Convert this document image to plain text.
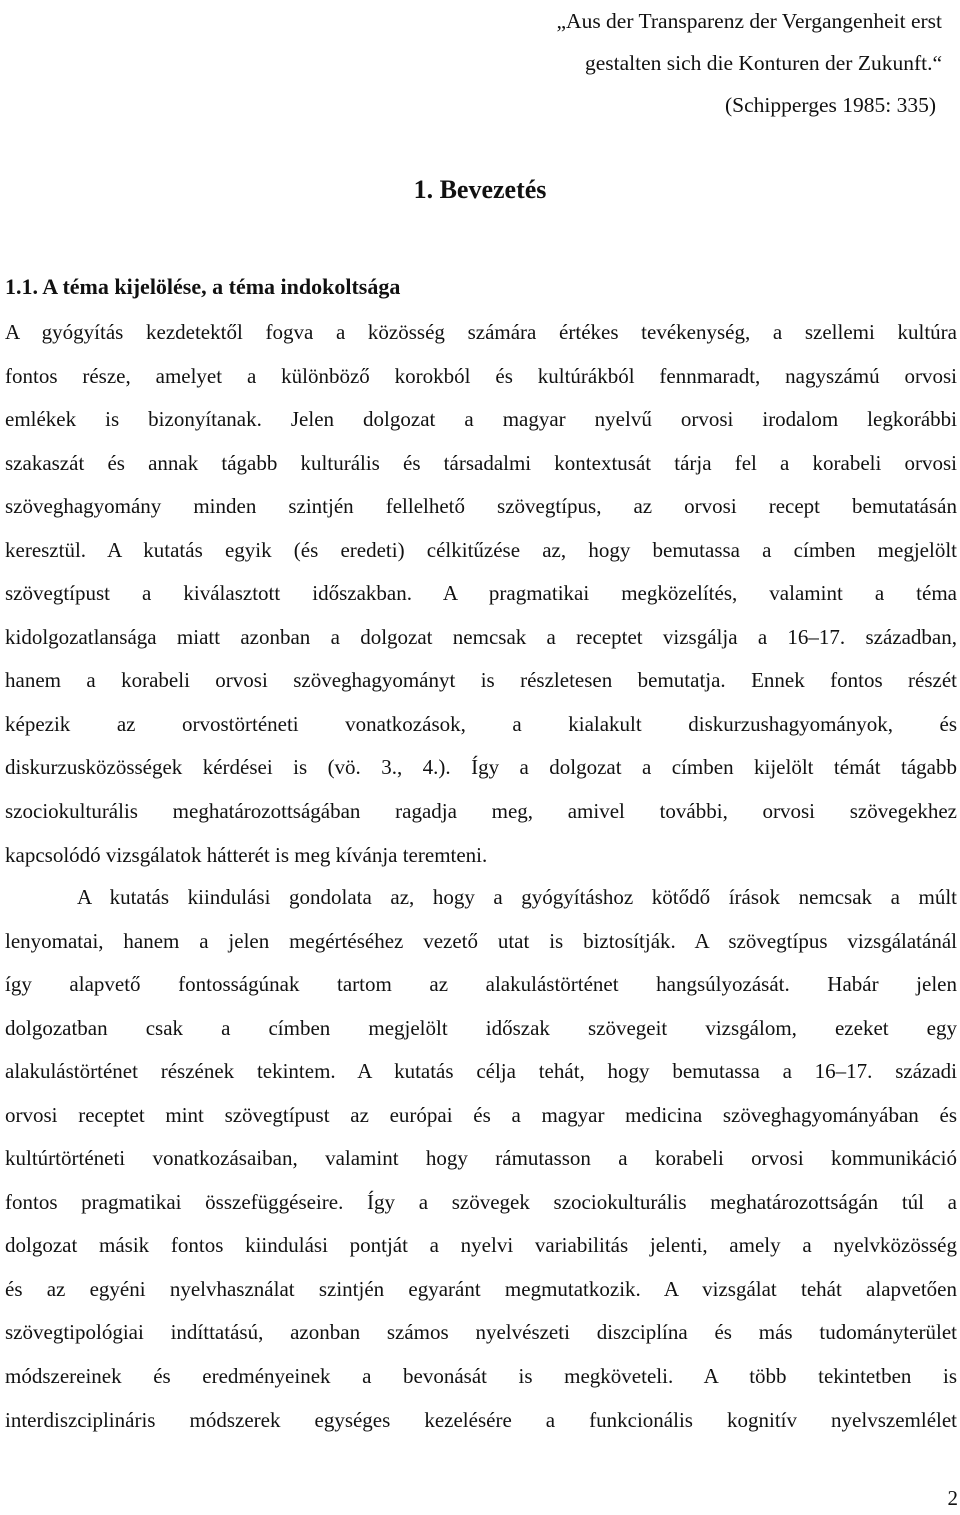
„Aus der Transparenz der Vergangenheit erst
gestalten sich die Konturen der Zukunft.“
(Schipperges 1985: 335)
1. Bevezetés
1.1. A téma kijelölése, a téma indokoltsága
A gyógyítás kezdetektől fogva a közösség számára értékes tevékenység, a szellemi kultúra
fontos része, amelyet a különböző korokból és kultúrákból fennmaradt, nagyszámú orvosi
emlékek is bizonyítanak. Jelen dolgozat a magyar nyelvű orvosi irodalom legkorábbi
szakaszát és annak tágabb kulturális és társadalmi kontextusát tárja fel a korabeli orvosi
szöveghagyomány minden szintjén fellelhető szövegtípus, az orvosi recept bemutatásán
keresztül. A kutatás egyik (és eredeti) célkitűzése az, hogy bemutassa a címben megjelölt
szövegtípust a kiválasztott időszakban. A pragmatikai megközelítés, valamint a téma
kidolgozatlansága miatt azonban a dolgozat nemcsak a receptet vizsgálja a 16–17. században,
hanem a korabeli orvosi szöveghagyományt is részletesen bemutatja. Ennek fontos részét
képezik az orvostörténeti vonatkozások, a kialakult diskurzushagyományok, és
diskurzusközösségek kérdései is (vö. 3., 4.). Így a dolgozat a címben kijelölt témát tágabb
szociokulturális meghatározottságában ragadja meg, amivel további, orvosi szövegekhez
kapcsolódó vizsgálatok hátterét is meg kívánja teremteni.
A kutatás kiindulási gondolata az, hogy a gyógyításhoz kötődő írások nemcsak a múlt
lenyomatai, hanem a jelen megértéséhez vezető utat is biztosítják. A szövegtípus vizsgálatánál
így alapvető fontosságúnak tartom az alakulástörténet hangsúlyozását. Habár jelen
dolgozatban csak a címben megjelölt időszak szövegeit vizsgálom, ezeket egy
alakulástörténet részének tekintem. A kutatás célja tehát, hogy bemutassa a 16–17. századi
orvosi receptet mint szövegtípust az európai és a magyar medicina szöveghagyományában és
kultúrtörténeti vonatkozásaiban, valamint hogy rámutasson a korabeli orvosi kommunikáció
fontos pragmatikai összefüggéseire. Így a szövegek szociokulturális meghatározottságán túl a
dolgozat másik fontos kiindulási pontját a nyelvi variabilitás jelenti, amely a nyelvközösség
és az egyéni nyelvhasználat szintjén egyaránt megmutatkozik. A vizsgálat tehát alapvetően
szövegtipológiai indíttatású, azonban számos nyelvészeti diszciplína és más tudományterület
módszereinek és eredményeinek a bevonását is megköveteli. A több tekintetben is
interdiszciplináris módszerek egységes kezelésére a funkcionális kognitív nyelvszemlélet
2
